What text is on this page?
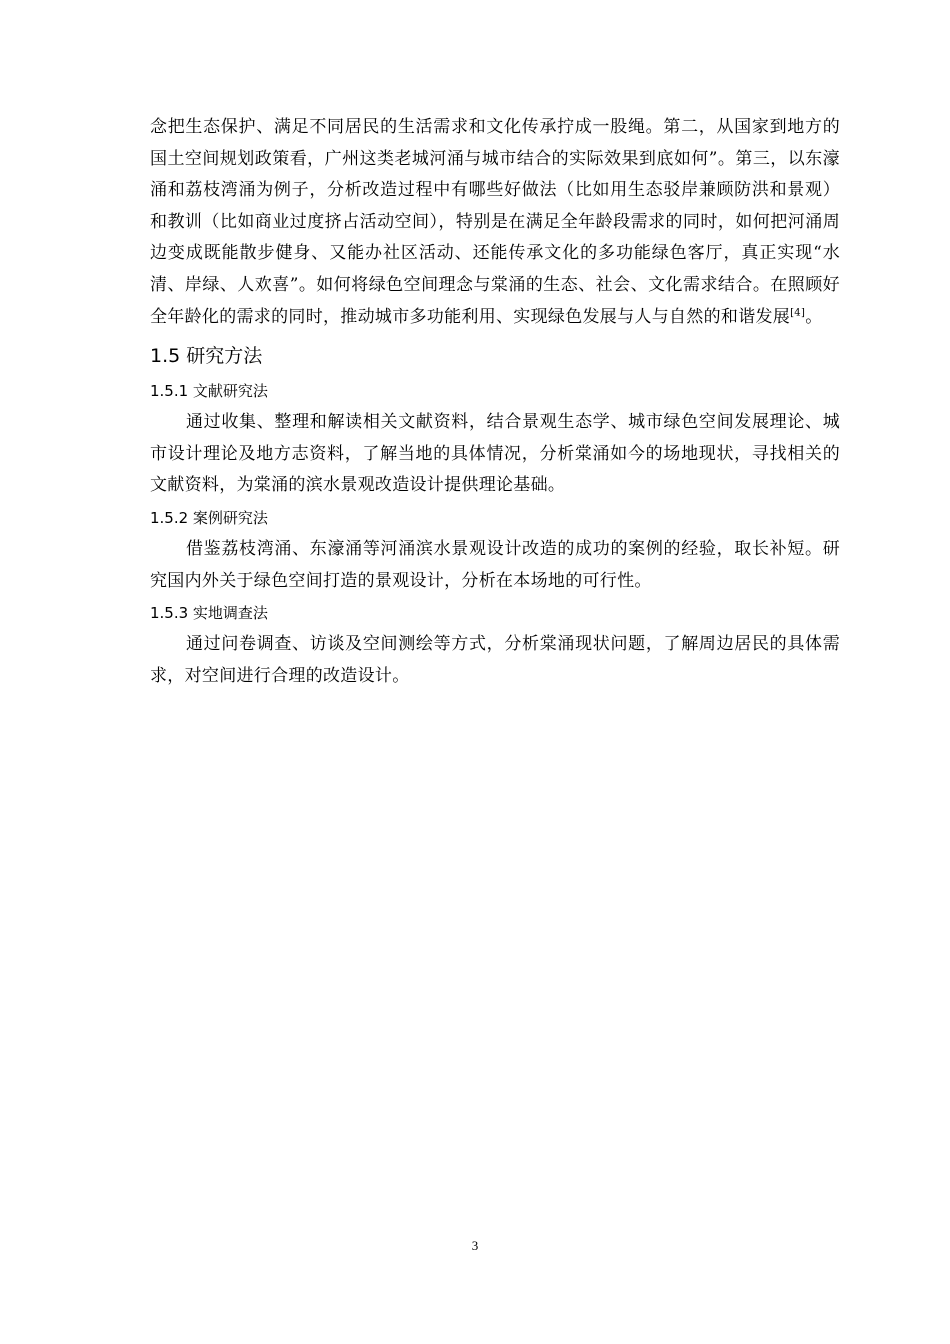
念把生态保护、满足不同居民的生活需求和文化传承拧成一股绳。第二，从国家到地方的国土空间规划政策看，广州这类老城河涌与城市结合的实际效果到底如何”。第三，以东濠涌和荔枝湾涌为例子，分析改造过程中有哪些好做法（比如用生态驳岸兼顾防洪和景观）和教训（比如商业过度挤占活动空间），特别是在满足全年龄段需求的同时，如何把河涌周边变成既能散步健身、又能办社区活动、还能传承文化的多功能绿色客厅，真正实现“水清、岸绿、人欢喜”。如何将绿色空间理念与棠涌的生态、社会、文化需求结合。在照顾好全年龄化的需求的同时，推动城市多功能利用、实现绿色发展与人与自然的和谐发展[4]。

1.5 研究方法
1.5.1 文献研究法

通过收集、整理和解读相关文献资料，结合景观生态学、城市绿色空间发展理论、城市设计理论及地方志资料，了解当地的具体情况，分析棠涌如今的场地现状，寻找相关的文献资料，为棠涌的滨水景观改造设计提供理论基础。

1.5.2 案例研究法

借鉴荔枝湾涌、东濠涌等河涌滨水景观设计改造的成功的案例的经验，取长补短。研究国内外关于绿色空间打造的景观设计，分析在本场地的可行性。

1.5.3 实地调查法

通过问卷调查、访谈及空间测绘等方式，分析棠涌现状问题，了解周边居民的具体需求，对空间进行合理的改造设计。

3
